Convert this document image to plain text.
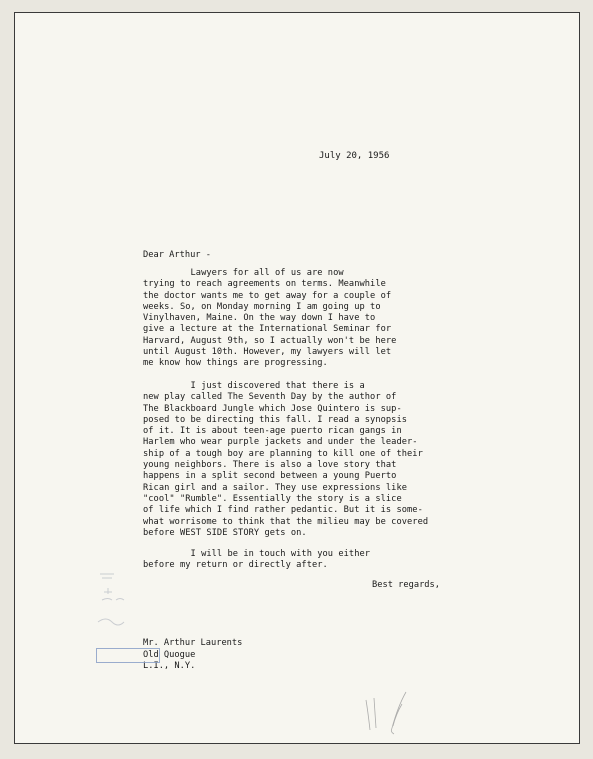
July 20, 1956
Dear Arthur -

Lawyers for all of us are now
trying to reach agreements on terms. Meanwhile
the doctor wants me to get away for a couple of
weeks. So, on Monday morning I am going up to
Vinylhaven, Maine. On the way down I have to
give a lecture at the International Seminar for
Harvard, August 9th, so I actually won't be here
until August 10th. However, my lawyers will let
me know how things are progressing.

I just discovered that there is a
new play called The Seventh Day by the author of
The Blackboard Jungle which Jose Quintero is sup-
posed to be directing this fall. I read a synopsis
of it. It is about teen-age puerto rican gangs in
Harlem who wear purple jackets and under the leader-
ship of a tough boy are planning to kill one of their
young neighbors. There is also a love story that
happens in a split second between a young Puerto
Rican girl and a sailor. They use expressions like
"cool" "Rumble". Essentially the story is a slice
of life which I find rather pedantic. But it is some-
what worrisome to think that the milieu may be covered
before WEST SIDE STORY gets on.

I will be in touch with you either
before my return or directly after.

Best regards,
Mr. Arthur Laurents
Old Quogue
L.I., N.Y.
